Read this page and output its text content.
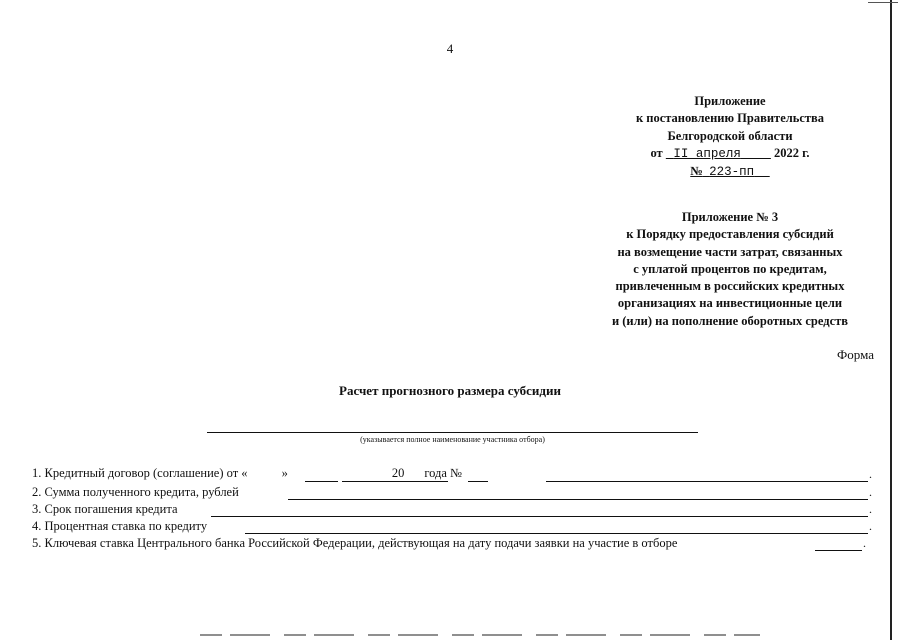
4
Приложение
к постановлению Правительства
Белгородской области
от II апреля	2022 г.
№ 223-пп
Приложение № 3
к Порядку предоставления субсидий
на возмещение части затрат, связанных
с уплатой процентов по кредитам,
привлеченным в российских кредитных
организациях на инвестиционные цели
и (или) на пополнение оборотных средств
Форма
Расчет прогнозного размера субсидии
(указывается полное наименование участника отбора)
1. Кредитный договор (соглашение) от «	»	20 года №	.
2. Сумма полученного кредита, рублей	.
3. Срок погашения кредита	.
4. Процентная ставка по кредиту	.
5. Ключевая ставка Центрального банка Российской Федерации, действующая на дату подачи заявки на участие в отборе	.
